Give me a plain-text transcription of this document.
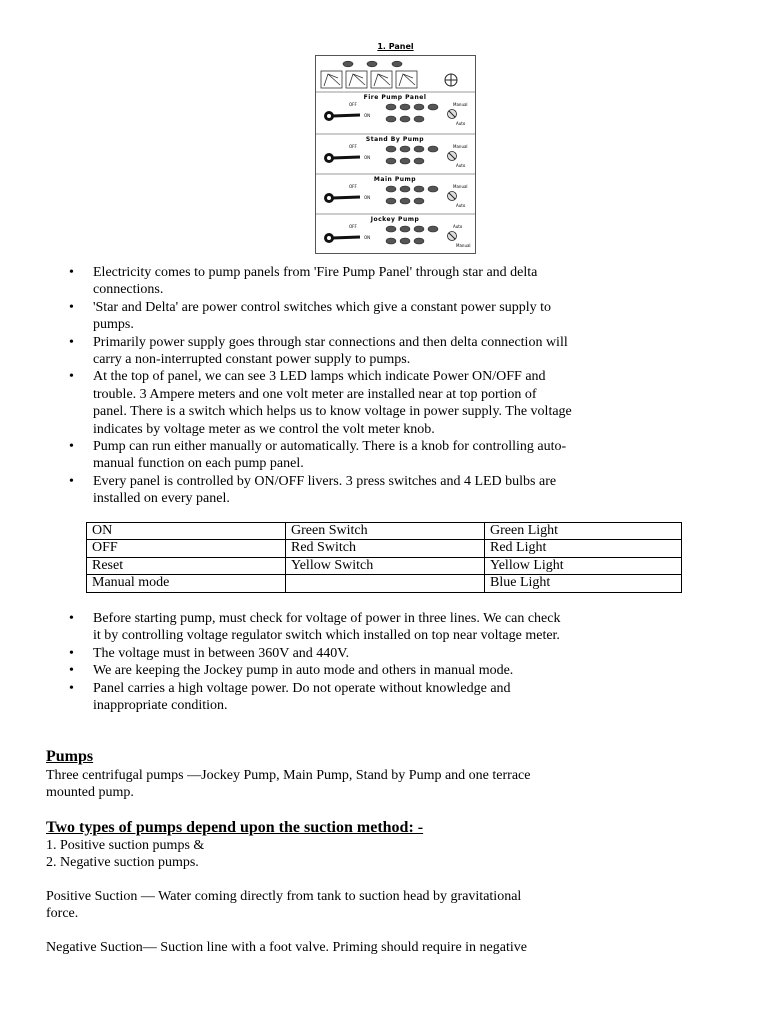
1. Panel
Fire Pump Panel
OFF
ON
Manual
Auto
Stand By Pump
OFF
ON
Manual
Auto
Main Pump
OFF
ON
Manual
Auto
Jockey Pump
OFF
ON
Auto
Manual
• Electricity comes to pump panels from 'Fire Pump Panel' through star and delta
connections.
• 'Star and Delta' are power control switches which give a constant power supply to
pumps.
• Primarily power supply goes through star connections and then delta connection will
carry a non-interrupted constant power supply to pumps.
• At the top of panel, we can see 3 LED lamps which indicate Power ON/OFF and
trouble. 3 Ampere meters and one volt meter are installed near at top portion of
panel. There is a switch which helps us to know voltage in power supply. The voltage
indicates by voltage meter as we control the volt meter knob.
• Pump can run either manually or automatically. There is a knob for controlling auto-
manual function on each pump panel.
• Every panel is controlled by ON/OFF livers. 3 press switches and 4 LED bulbs are
installed on every panel.
ON	Green Switch	Green Light
OFF	Red Switch	Red Light
Reset	Yellow Switch	Yellow Light
Manual mode		Blue Light
• Before starting pump, must check for voltage of power in three lines. We can check
it by controlling voltage regulator switch which installed on top near voltage meter.
• The voltage must in between 360V and 440V.
• We are keeping the Jockey pump in auto mode and others in manual mode.
• Panel carries a high voltage power. Do not operate without knowledge and
inappropriate condition.
Pumps
Three centrifugal pumps —Jockey Pump, Main Pump, Stand by Pump and one terrace
mounted pump.
Two types of pumps depend upon the suction method: -
1. Positive suction pumps &
2. Negative suction pumps.
Positive Suction — Water coming directly from tank to suction head by gravitational
force.
Negative Suction— Suction line with a foot valve. Priming should require in negative
